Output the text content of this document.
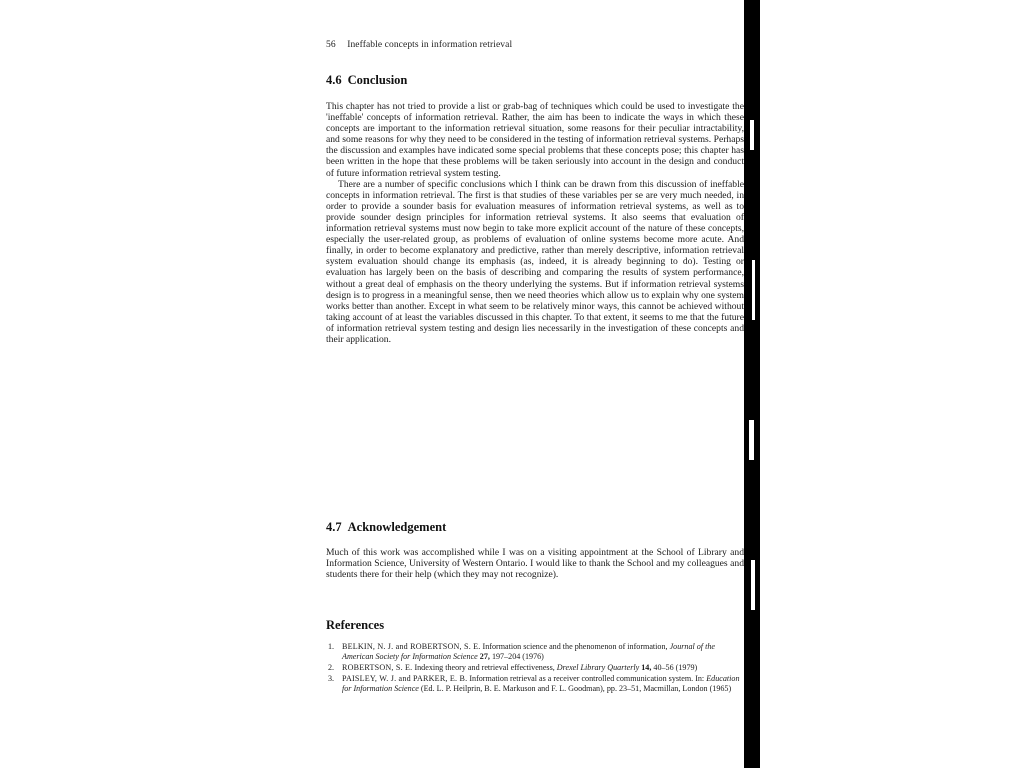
56 Ineffable concepts in information retrieval
4.6 Conclusion

This chapter has not tried to provide a list or grab-bag of techniques which could be used to investigate the 'ineffable' concepts of information retrieval. Rather, the aim has been to indicate the ways in which these concepts are important to the information retrieval situation, some reasons for their peculiar intractability, and some reasons for why they need to be considered in the testing of information retrieval systems. Perhaps the discussion and examples have indicated some special problems that these concepts pose; this chapter has been written in the hope that these problems will be taken seriously into account in the design and conduct of future information retrieval system testing.

There are a number of specific conclusions which I think can be drawn from this discussion of ineffable concepts in information retrieval. The first is that studies of these variables per se are very much needed, in order to provide a sounder basis for evaluation measures of information retrieval systems, as well as to provide sounder design principles for information retrieval systems. It also seems that evaluation of information retrieval systems must now begin to take more explicit account of the nature of these concepts, especially the user-related group, as problems of evaluation of online systems become more acute. And finally, in order to become explanatory and predictive, rather than merely descriptive, information retrieval system evaluation should change its emphasis (as, indeed, it is already beginning to do). Testing or evaluation has largely been on the basis of describing and comparing the results of system performance, without a great deal of emphasis on the theory underlying the systems. But if information retrieval systems design is to progress in a meaningful sense, then we need theories which allow us to explain why one system works better than another. Except in what seem to be relatively minor ways, this cannot be achieved without taking account of at least the variables discussed in this chapter. To that extent, it seems to me that the future of information retrieval system testing and design lies necessarily in the investigation of these concepts and their application.

4.7 Acknowledgement

Much of this work was accomplished while I was on a visiting appointment at the School of Library and Information Science, University of Western Ontario. I would like to thank the School and my colleagues and students there for their help (which they may not recognize).

References
1. BELKIN, N. J. and ROBERTSON, S. E. Information science and the phenomenon of information, Journal of the American Society for Information Science 27, 197–204 (1976)
2. ROBERTSON, S. E. Indexing theory and retrieval effectiveness, Drexel Library Quarterly 14, 40–56 (1979)
3. PAISLEY, W. J. and PARKER, E. B. Information retrieval as a receiver controlled communication system. In: Education for Information Science (Ed. L. P. Heilprin, B. E. Markuson and F. L. Goodman), pp. 23–51, Macmillan, London (1965)
